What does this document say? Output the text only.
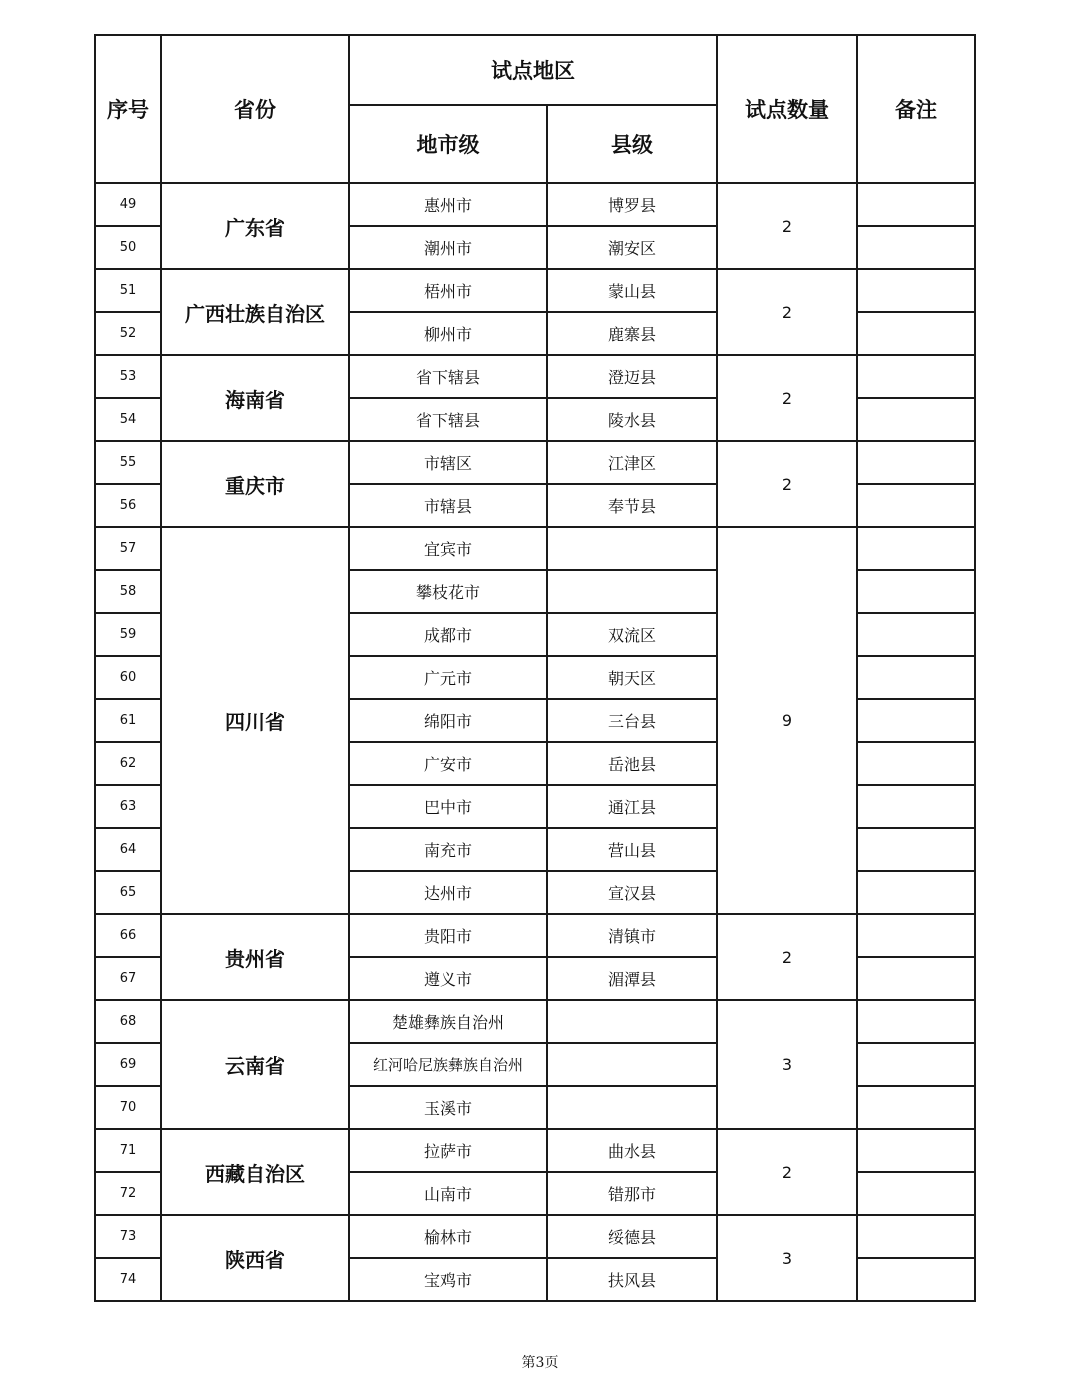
序号	省份	试点地区		试点数量	备注
		地市级	县级		
49	广东省	惠州市	博罗县	2	
50		潮州市	潮安区		
51	广西壮族自治区	梧州市	蒙山县	2	
52		柳州市	鹿寨县		
53	海南省	省下辖县	澄迈县	2	
54		省下辖县	陵水县		
55	重庆市	市辖区	江津区	2	
56		市辖县	奉节县		
57	四川省	宜宾市		9	
58		攀枝花市			
59		成都市	双流区		
60		广元市	朝天区		
61		绵阳市	三台县		
62		广安市	岳池县		
63		巴中市	通江县		
64		南充市	营山县		
65		达州市	宣汉县		
66	贵州省	贵阳市	清镇市	2	
67		遵义市	湄潭县		
68	云南省	楚雄彝族自治州		3	
69		红河哈尼族彝族自治州			
70		玉溪市			
71	西藏自治区	拉萨市	曲水县	2	
72		山南市	错那市		
73	陕西省	榆林市	绥德县	3	
74		宝鸡市	扶风县		
第3页
